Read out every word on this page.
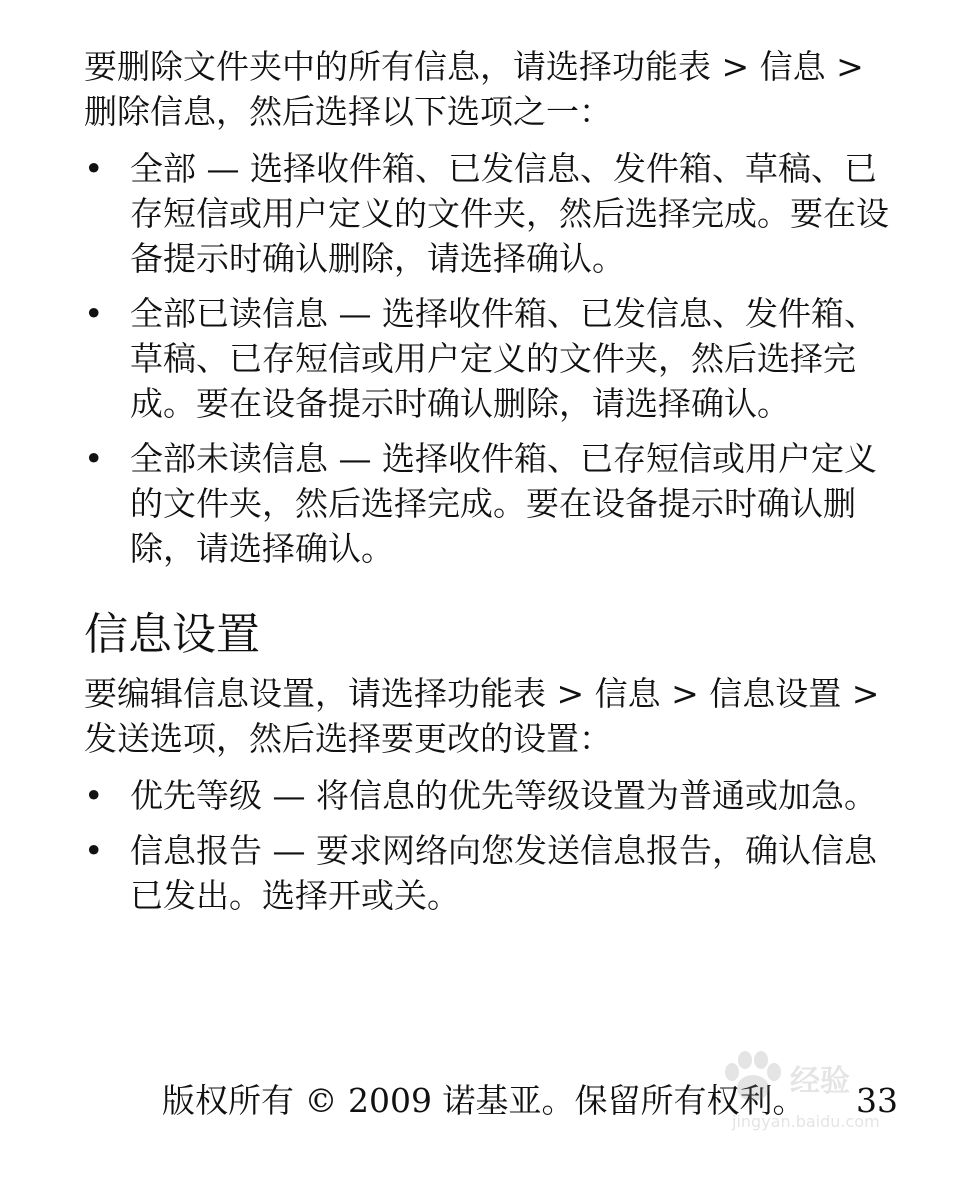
要删除文件夹中的所有信息，请选择功能表 > 信息 > 删除信息，然后选择以下选项之一：

• 全部 — 选择收件箱、已发信息、发件箱、草稿、已存短信或用户定义的文件夹，然后选择完成。要在设备提示时确认删除，请选择确认。
• 全部已读信息 — 选择收件箱、已发信息、发件箱、草稿、已存短信或用户定义的文件夹，然后选择完成。要在设备提示时确认删除，请选择确认。
• 全部未读信息 — 选择收件箱、已存短信或用户定义的文件夹，然后选择完成。要在设备提示时确认删除，请选择确认。
信息设置

要编辑信息设置，请选择功能表 > 信息 > 信息设置 > 发送选项，然后选择要更改的设置：

• 优先等级 — 将信息的优先等级设置为普通或加急。
• 信息报告 — 要求网络向您发送信息报告，确认信息已发出。选择开或关。
版权所有 © 2009 诺基亚。保留所有权利。 33
经验
jingyan.baidu.com
